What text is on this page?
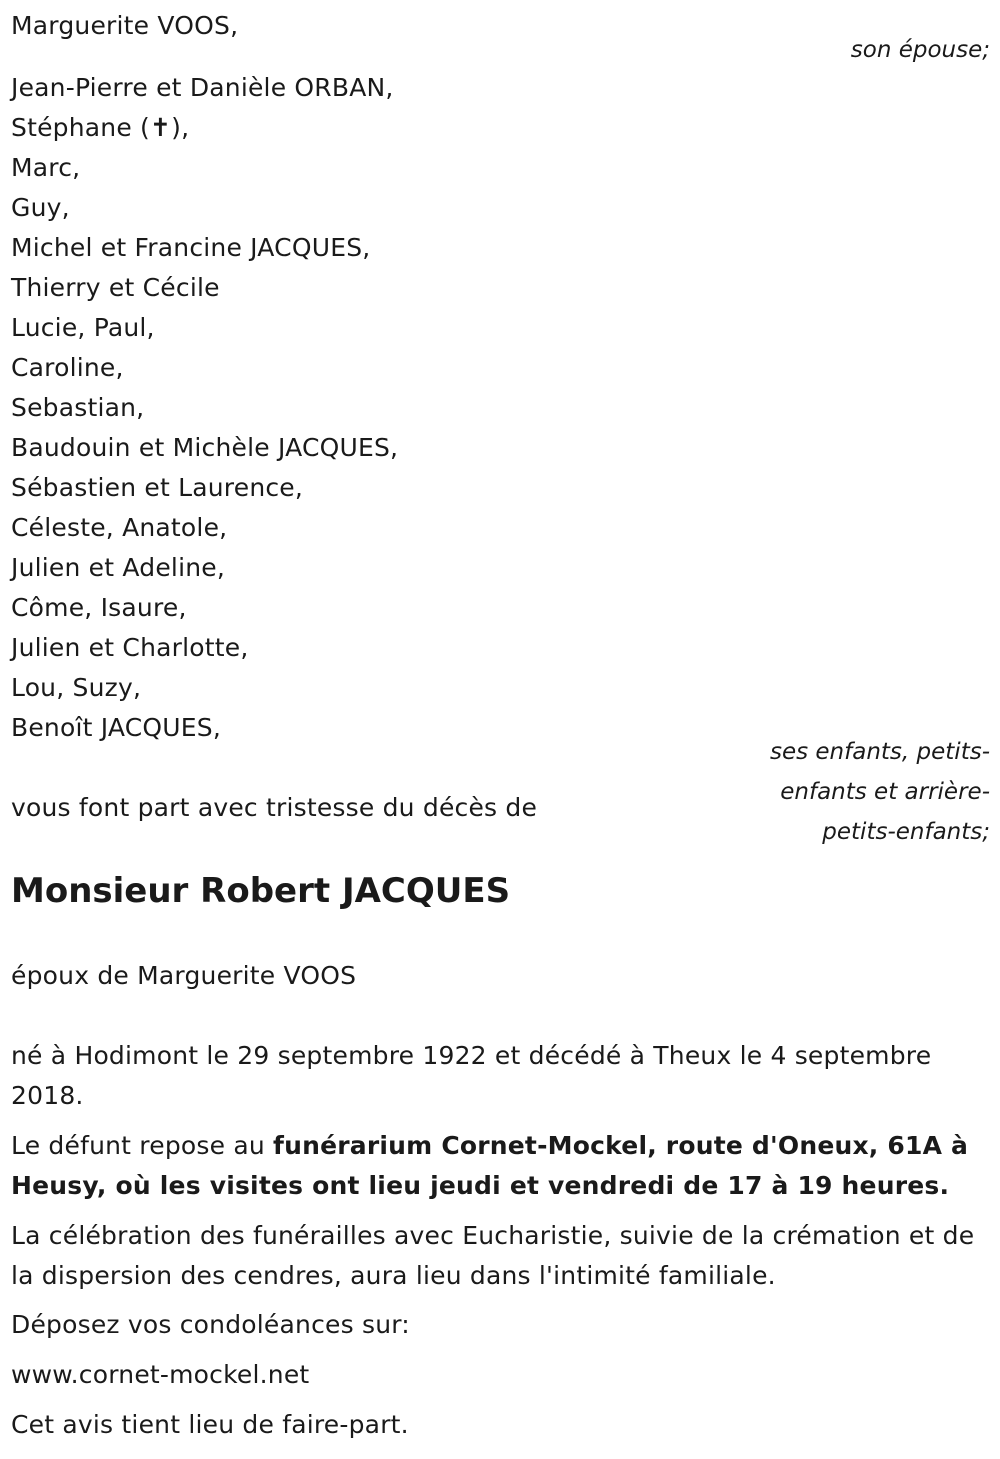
Marguerite VOOS,
son épouse;
Jean-Pierre et Danièle ORBAN,
Stéphane (✝),
Marc,
Guy,
Michel et Francine JACQUES,
Thierry et Cécile
Lucie, Paul,
Caroline,
Sebastian,
Baudouin et Michèle JACQUES,
Sébastien et Laurence,
Céleste, Anatole,
Julien et Adeline,
Côme, Isaure,
Julien et Charlotte,
Lou, Suzy,
Benoît JACQUES,
ses enfants, petits-
enfants et arrière-
petits-enfants;
vous font part avec tristesse du décès de
Monsieur Robert JACQUES
époux de Marguerite VOOS
né à Hodimont le 29 septembre 1922 et décédé à Theux le 4 septembre 2018.
Le défunt repose au funérarium Cornet-Mockel, route d'Oneux, 61A à Heusy, où les visites ont lieu jeudi et vendredi de 17 à 19 heures.
La célébration des funérailles avec Eucharistie, suivie de la crémation et de la dispersion des cendres, aura lieu dans l'intimité familiale.
Déposez vos condoléances sur:
www.cornet-mockel.net
Cet avis tient lieu de faire-part.
